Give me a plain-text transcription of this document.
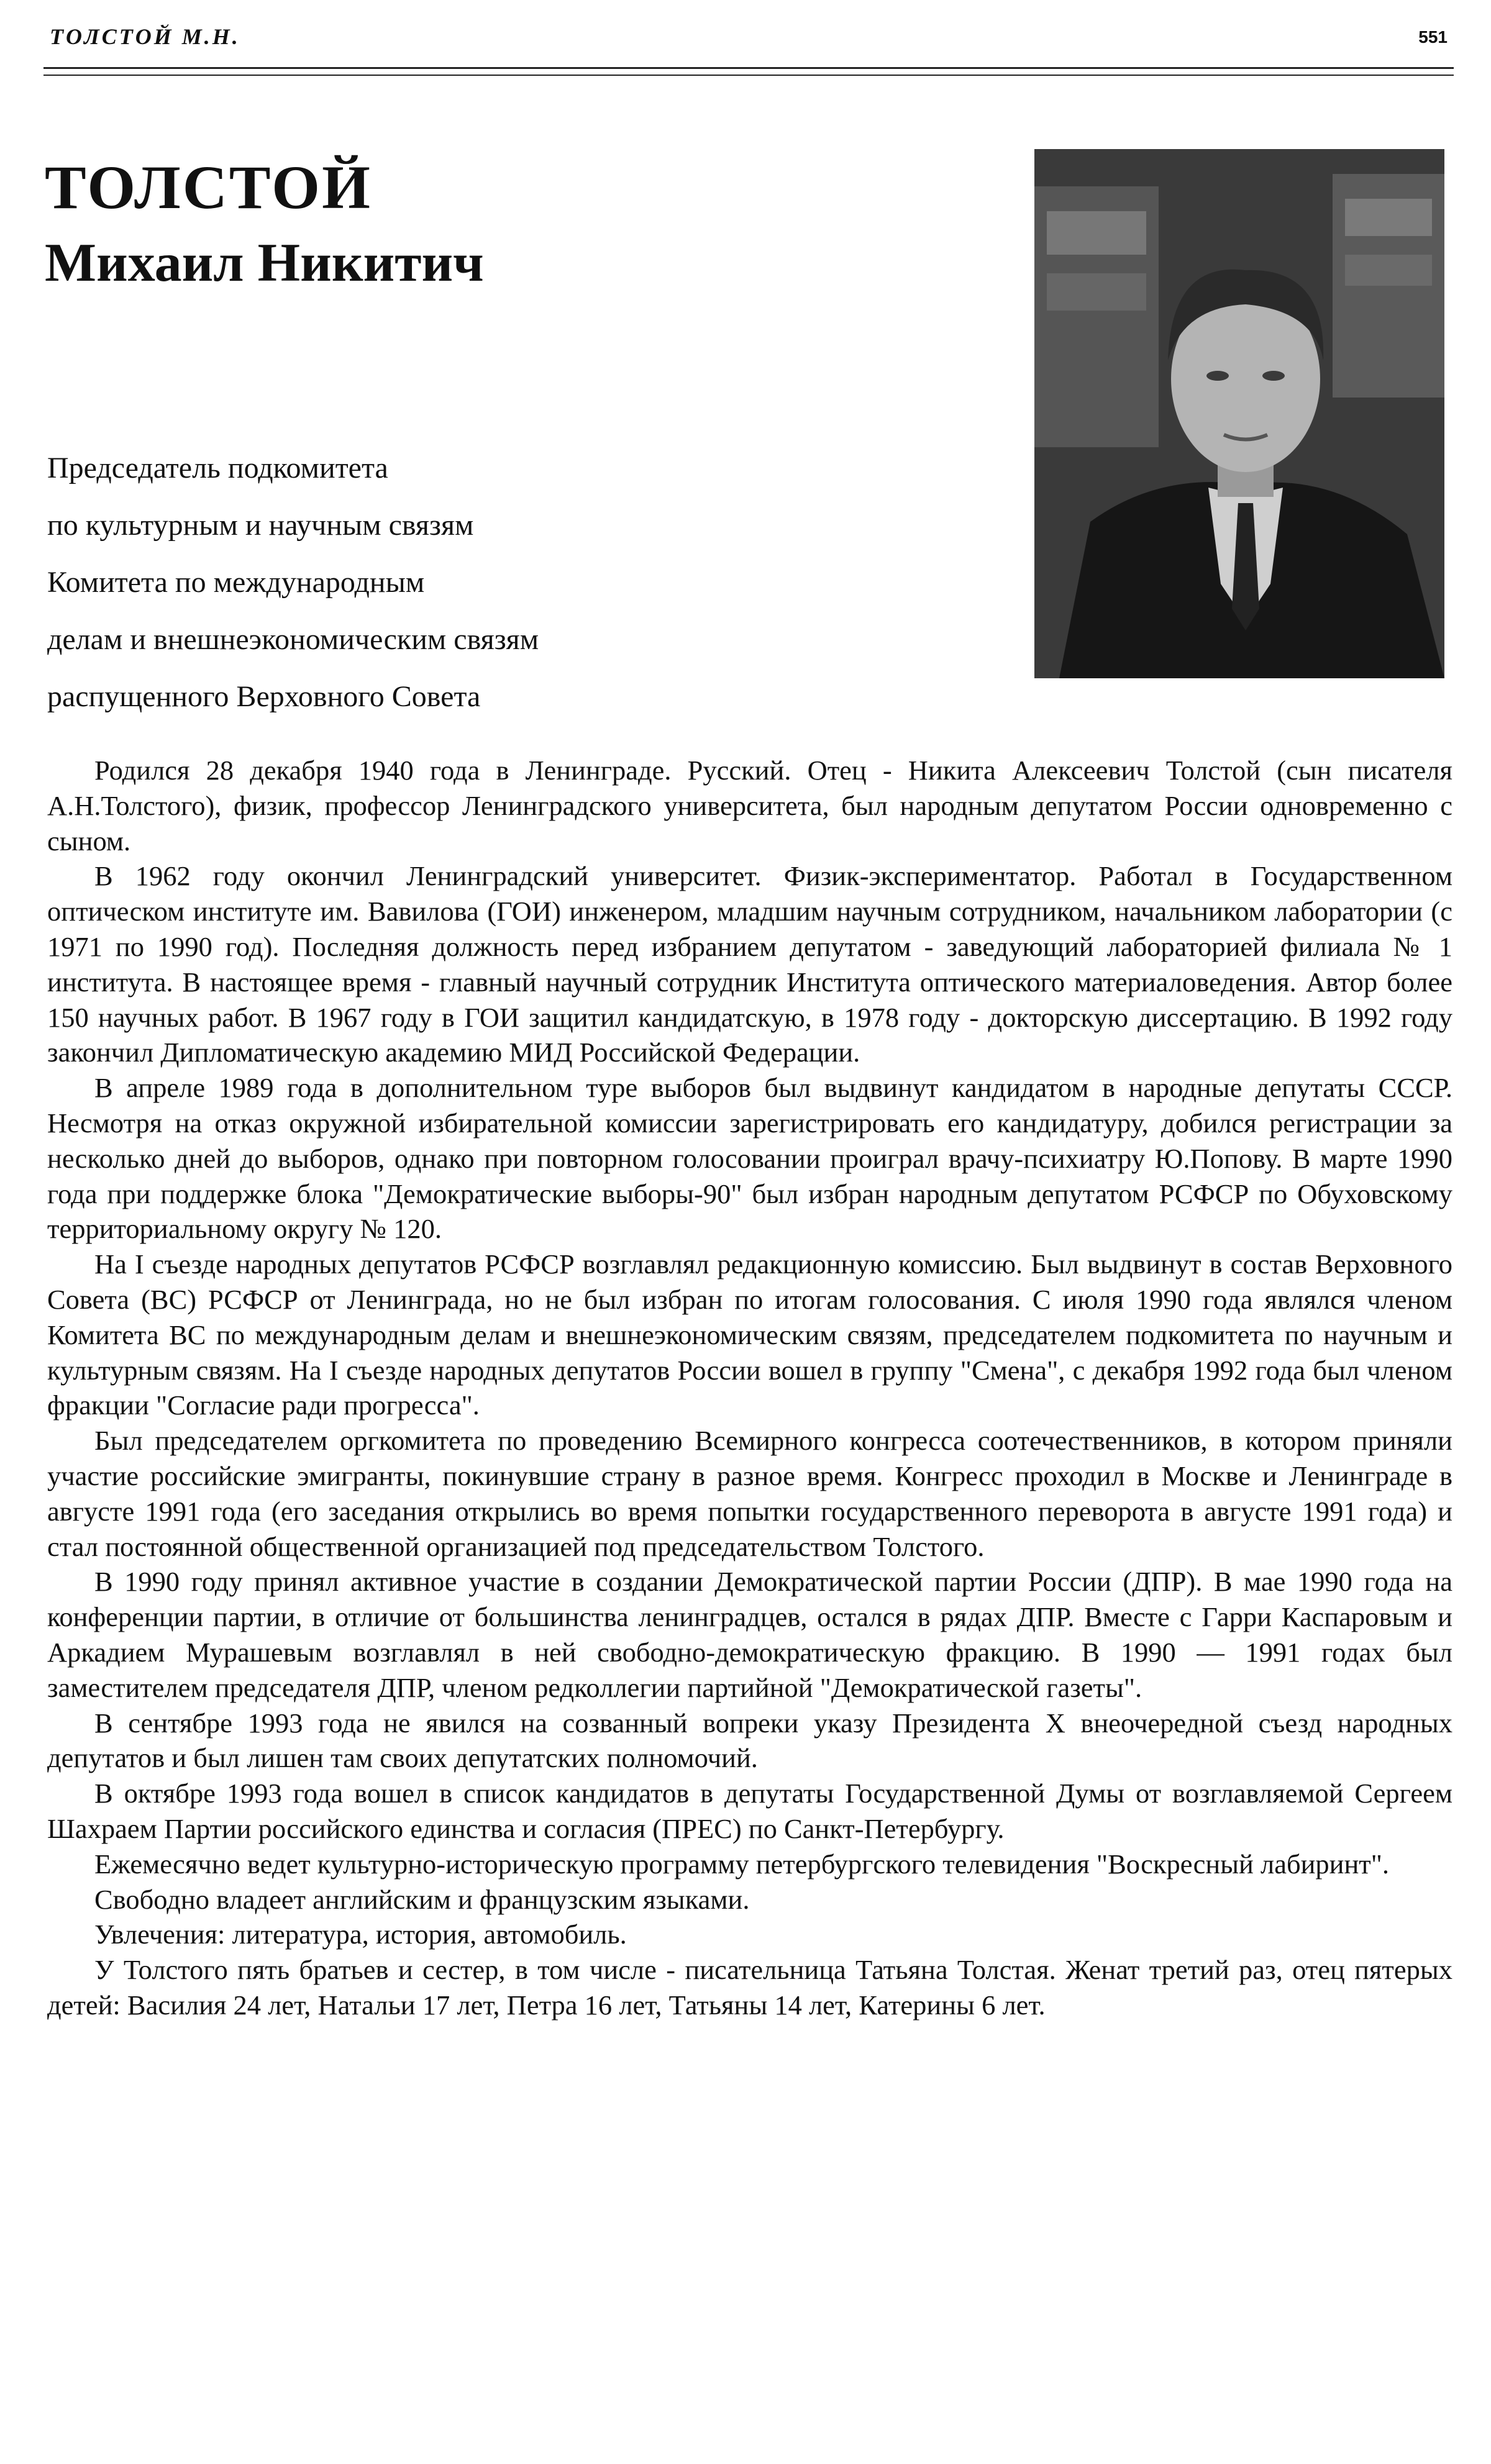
ТОЛСТОЙ М.Н.	551
ТОЛСТОЙ
Михаил Никитич
Председатель подкомитета
по культурным и научным связям
Комитета по международным
делам и внешнеэкономическим связям
распущенного Верховного Совета

Родился 28 декабря 1940 года в Ленинграде. Русский. Отец - Никита Алексеевич Толстой (сын писателя А.Н.Толстого), физик, профессор Ленинградского университета, был народным депутатом России одновременно с сыном.

В 1962 году окончил Ленинградский университет. Физик-экспериментатор. Работал в Государственном оптическом институте им. Вавилова (ГОИ) инженером, младшим научным сотрудником, начальником лаборатории (с 1971 по 1990 год). Последняя должность перед избранием депутатом - заведующий лабораторией филиала № 1 института. В настоящее время - главный научный сотрудник Института оптического материаловедения. Автор более 150 научных работ. В 1967 году в ГОИ защитил кандидатскую, в 1978 году - докторскую диссертацию. В 1992 году закончил Дипломатическую академию МИД Российской Федерации.

В апреле 1989 года в дополнительном туре выборов был выдвинут кандидатом в народные депутаты СССР. Несмотря на отказ окружной избирательной комиссии зарегистрировать его кандидатуру, добился регистрации за несколько дней до выборов, однако при повторном голосовании проиграл врачу-психиатру Ю.Попову. В марте 1990 года при поддержке блока "Демократические выборы-90" был избран народным депутатом РСФСР по Обуховскому территориальному округу № 120.

На I съезде народных депутатов РСФСР возглавлял редакционную комиссию. Был выдвинут в состав Верховного Совета (ВС) РСФСР от Ленинграда, но не был избран по итогам голосования. С июля 1990 года являлся членом Комитета ВС по международным делам и внешнеэкономическим связям, председателем подкомитета по научным и культурным связям. На I съезде народных депутатов России вошел в группу "Смена", с декабря 1992 года был членом фракции "Согласие ради прогресса".

Был председателем оргкомитета по проведению Всемирного конгресса соотечественников, в котором приняли участие российские эмигранты, покинувшие страну в разное время. Конгресс проходил в Москве и Ленинграде в августе 1991 года (его заседания открылись во время попытки государственного переворота в августе 1991 года) и стал постоянной общественной организацией под председательством Толстого.

В 1990 году принял активное участие в создании Демократической партии России (ДПР). В мае 1990 года на конференции партии, в отличие от большинства ленинградцев, остался в рядах ДПР. Вместе с Гарри Каспаровым и Аркадием Мурашевым возглавлял в ней свободно-демократическую фракцию. В 1990 — 1991 годах был заместителем председателя ДПР, членом редколлегии партийной "Демократической газеты".

В сентябре 1993 года не явился на созванный вопреки указу Президента X внеочередной съезд народных депутатов и был лишен там своих депутатских полномочий.

В октябре 1993 года вошел в список кандидатов в депутаты Государственной Думы от возглавляемой Сергеем Шахраем Партии российского единства и согласия (ПРЕС) по Санкт-Петербургу.

Ежемесячно ведет культурно-историческую программу петербургского телевидения "Воскресный лабиринт".

Свободно владеет английским и французским языками.

Увлечения: литература, история, автомобиль.

У Толстого пять братьев и сестер, в том числе - писательница Татьяна Толстая. Женат третий раз, отец пятерых детей: Василия 24 лет, Натальи 17 лет, Петра 16 лет, Татьяны 14 лет, Катерины 6 лет.
